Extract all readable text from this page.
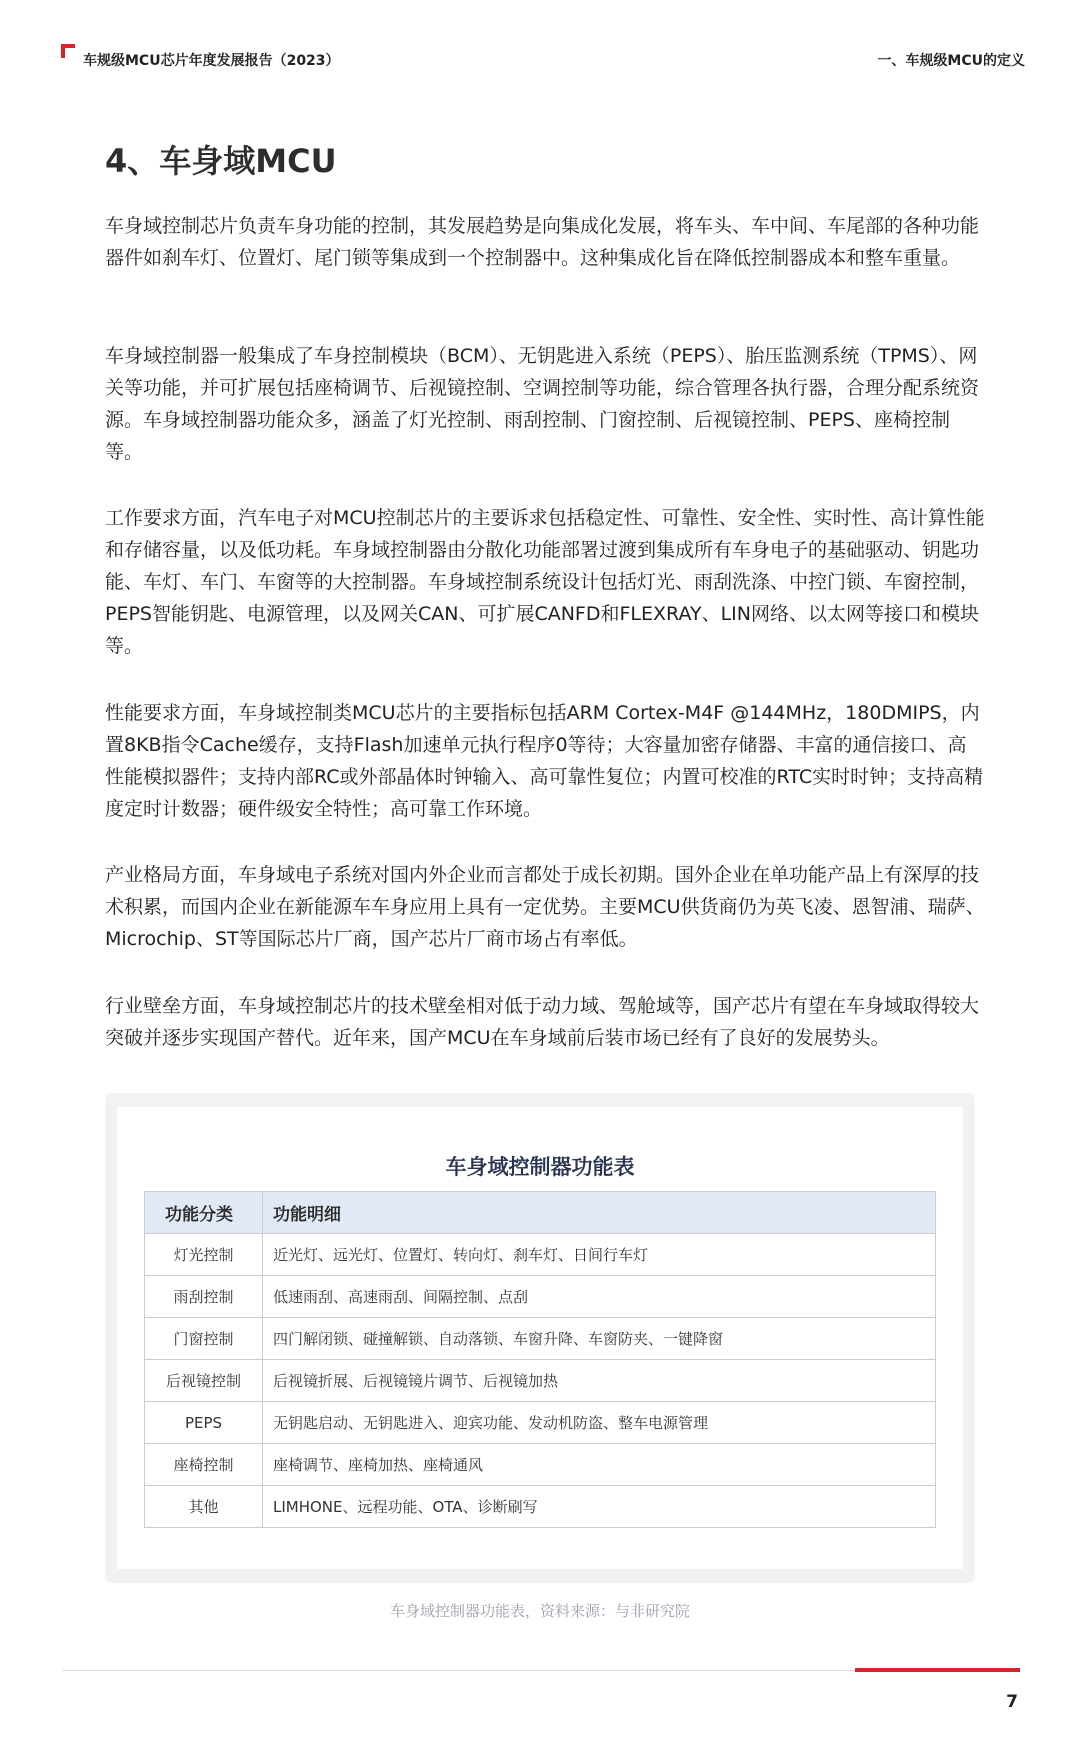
车规级MCU芯片年度发展报告（2023）	一、车规级MCU的定义
4、车身域MCU

车身域控制芯片负责车身功能的控制，其发展趋势是向集成化发展，将车头、车中间、车尾部的各种功能器件如刹车灯、位置灯、尾门锁等集成到一个控制器中。这种集成化旨在降低控制器成本和整车重量。

车身域控制器一般集成了车身控制模块（BCM）、无钥匙进入系统（PEPS）、胎压监测系统（TPMS）、网关等功能，并可扩展包括座椅调节、后视镜控制、空调控制等功能，综合管理各执行器，合理分配系统资源。车身域控制器功能众多，涵盖了灯光控制、雨刮控制、门窗控制、后视镜控制、PEPS、座椅控制等。

工作要求方面，汽车电子对MCU控制芯片的主要诉求包括稳定性、可靠性、安全性、实时性、高计算性能和存储容量，以及低功耗。车身域控制器由分散化功能部署过渡到集成所有车身电子的基础驱动、钥匙功能、车灯、车门、车窗等的大控制器。车身域控制系统设计包括灯光、雨刮洗涤、中控门锁、车窗控制，PEPS智能钥匙、电源管理，以及网关CAN、可扩展CANFD和FLEXRAY、LIN网络、以太网等接口和模块等。

性能要求方面，车身域控制类MCU芯片的主要指标包括ARM Cortex-M4F @144MHz，180DMIPS，内置8KB指令Cache缓存，支持Flash加速单元执行程序0等待；大容量加密存储器、丰富的通信接口、高性能模拟器件；支持内部RC或外部晶体时钟输入、高可靠性复位；内置可校准的RTC实时时钟；支持高精度定时计数器；硬件级安全特性；高可靠工作环境。

产业格局方面，车身域电子系统对国内外企业而言都处于成长初期。国外企业在单功能产品上有深厚的技术积累，而国内企业在新能源车车身应用上具有一定优势。主要MCU供货商仍为英飞凌、恩智浦、瑞萨、Microchip、ST等国际芯片厂商，国产芯片厂商市场占有率低。

行业壁垒方面，车身域控制芯片的技术壁垒相对低于动力域、驾舱域等，国产芯片有望在车身域取得较大突破并逐步实现国产替代。近年来，国产MCU在车身域前后装市场已经有了良好的发展势头。

车身域控制器功能表
功能分类	功能明细
灯光控制	近光灯、远光灯、位置灯、转向灯、刹车灯、日间行车灯
雨刮控制	低速雨刮、高速雨刮、间隔控制、点刮
门窗控制	四门解闭锁、碰撞解锁、自动落锁、车窗升降、车窗防夹、一键降窗
后视镜控制	后视镜折展、后视镜镜片调节、后视镜加热
PEPS	无钥匙启动、无钥匙进入、迎宾功能、发动机防盗、整车电源管理
座椅控制	座椅调节、座椅加热、座椅通风
其他	LIMHONE、远程功能、OTA、诊断刷写
车身域控制器功能表，资料来源：与非研究院
7
